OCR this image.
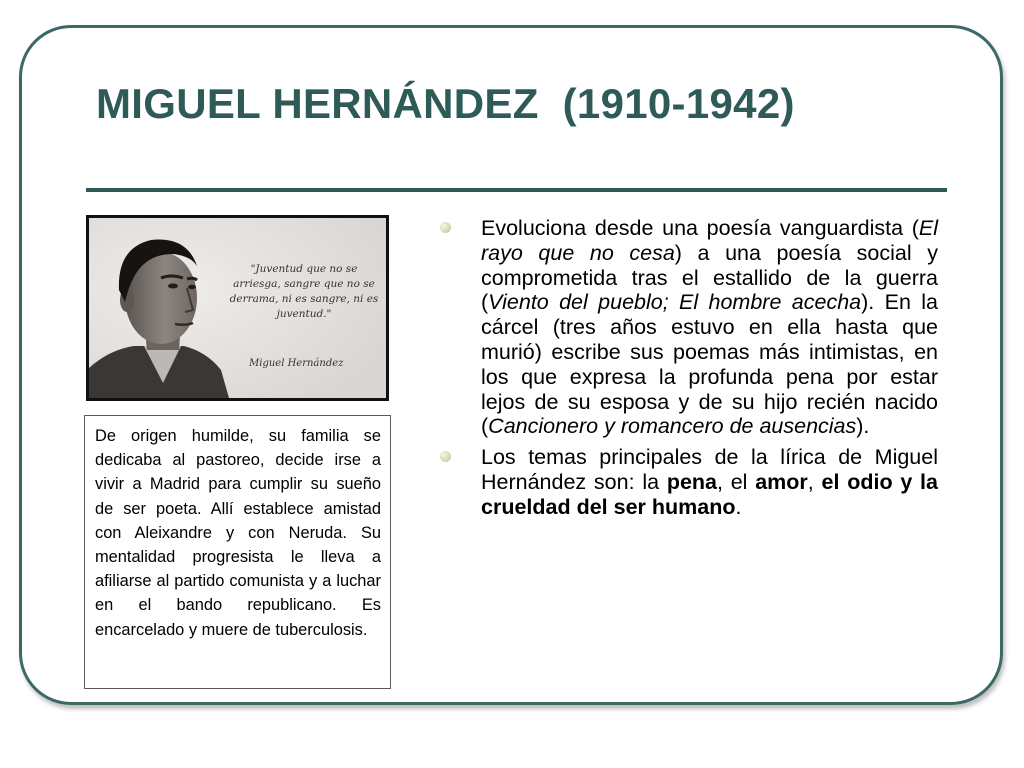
MIGUEL HERNÁNDEZ  (1910-1942)

"Juventud que no se arriesga, sangre que no se derrama, ni es sangre, ni es juventud."

Miguel Hernández

De origen humilde, su familia se dedicaba al pastoreo, decide irse a vivir a Madrid para cumplir su sueño de ser poeta. Allí establece amistad con Aleixandre y con Neruda. Su mentalidad progresista le lleva a afiliarse al partido comunista y a luchar en el bando republicano. Es encarcelado y muere de tuberculosis.

Evoluciona desde una poesía vanguardista (El rayo que no cesa) a una poesía social y comprometida tras el estallido de la guerra (Viento del pueblo; El hombre acecha). En la cárcel (tres años estuvo en ella hasta que murió) escribe sus poemas más intimistas, en los que expresa la profunda pena por estar lejos de su esposa y de su hijo recién nacido (Cancionero y romancero de ausencias).
Los temas principales de la lírica de Miguel Hernández son: la pena, el amor, el odio y la crueldad del ser humano.
